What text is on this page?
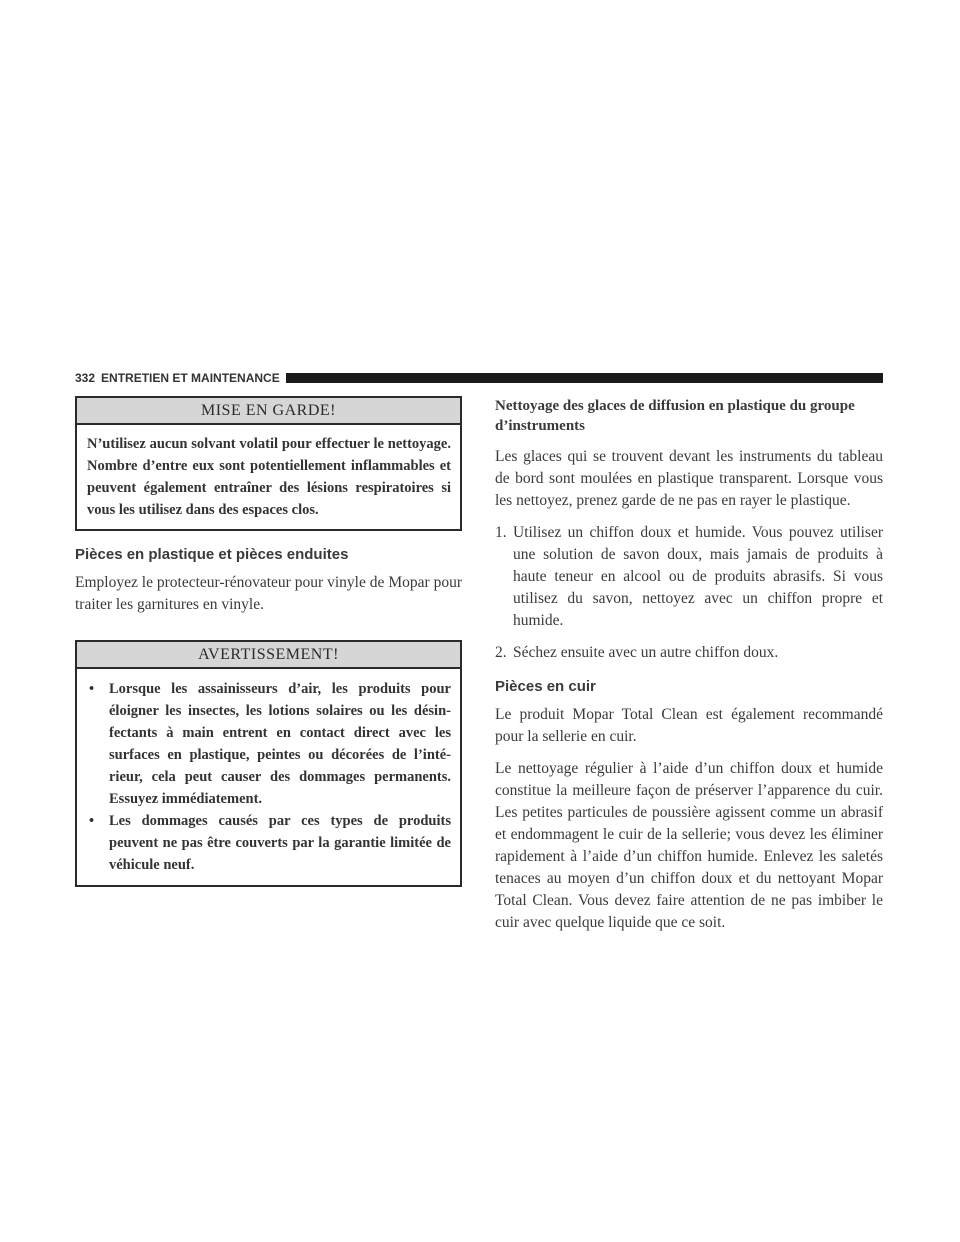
332 ENTRETIEN ET MAINTENANCE
MISE EN GARDE!
N’utilisez aucun solvant volatil pour effectuer le nettoyage. Nombre d’entre eux sont potentiellement inflammables et peuvent également entraîner des lésions respiratoires si vous les utilisez dans des espaces clos.
Pièces en plastique et pièces enduites

Employez le protecteur-rénovateur pour vinyle de Mopar pour traiter les garnitures en vinyle.

AVERTISSEMENT!
• Lorsque les assainisseurs d’air, les produits pour éloigner les insectes, les lotions solaires ou les désinfectants à main entrent en contact direct avec les surfaces en plastique, peintes ou décorées de l’intérieur, cela peut causer des dommages permanents. Essuyez immédiatement.
• Les dommages causés par ces types de produits peuvent ne pas être couverts par la garantie limitée de véhicule neuf.
Nettoyage des glaces de diffusion en plastique du groupe d’instruments

Les glaces qui se trouvent devant les instruments du tableau de bord sont moulées en plastique transparent. Lorsque vous les nettoyez, prenez garde de ne pas en rayer le plastique.

1. Utilisez un chiffon doux et humide. Vous pouvez utiliser une solution de savon doux, mais jamais de produits à haute teneur en alcool ou de produits abrasifs. Si vous utilisez du savon, nettoyez avec un chiffon propre et humide.
2. Séchez ensuite avec un autre chiffon doux.
Pièces en cuir

Le produit Mopar Total Clean est également recommandé pour la sellerie en cuir.

Le nettoyage régulier à l’aide d’un chiffon doux et humide constitue la meilleure façon de préserver l’apparence du cuir. Les petites particules de poussière agissent comme un abrasif et endommagent le cuir de la sellerie; vous devez les éliminer rapidement à l’aide d’un chiffon humide. Enlevez les saletés tenaces au moyen d’un chiffon doux et du nettoyant Mopar Total Clean. Vous devez faire attention de ne pas imbiber le cuir avec quelque liquide que ce soit.
